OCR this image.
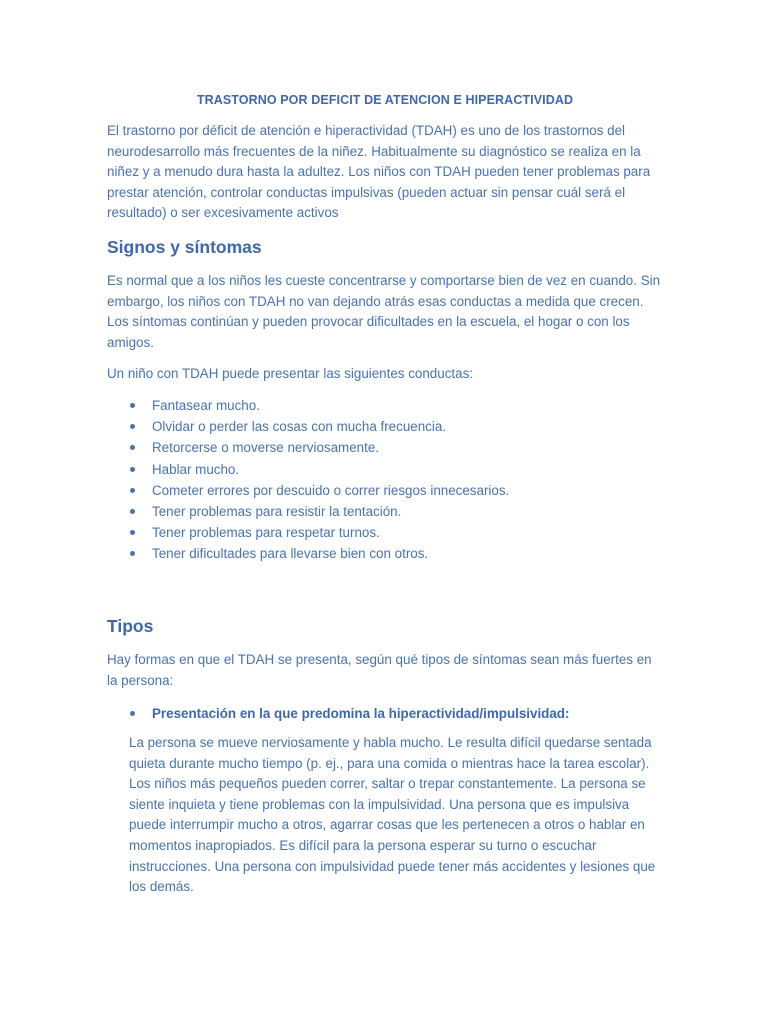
TRASTORNO POR DEFICIT DE ATENCION E HIPERACTIVIDAD

El trastorno por déficit de atención e hiperactividad (TDAH) es uno de los trastornos del neurodesarrollo más frecuentes de la niñez. Habitualmente su diagnóstico se realiza en la niñez y a menudo dura hasta la adultez. Los niños con TDAH pueden tener problemas para prestar atención, controlar conductas impulsivas (pueden actuar sin pensar cuál será el resultado) o ser excesivamente activos

Signos y síntomas

Es normal que a los niños les cueste concentrarse y comportarse bien de vez en cuando. Sin embargo, los niños con TDAH no van dejando atrás esas conductas a medida que crecen. Los síntomas continúan y pueden provocar dificultades en la escuela, el hogar o con los amigos.

Un niño con TDAH puede presentar las siguientes conductas:

Fantasear mucho.
Olvidar o perder las cosas con mucha frecuencia.
Retorcerse o moverse nerviosamente.
Hablar mucho.
Cometer errores por descuido o correr riesgos innecesarios.
Tener problemas para resistir la tentación.
Tener problemas para respetar turnos.
Tener dificultades para llevarse bien con otros.
Tipos

Hay formas en que el TDAH se presenta, según qué tipos de síntomas sean más fuertes en la persona:

Presentación en la que predomina la hiperactividad/impulsividad:

La persona se mueve nerviosamente y habla mucho. Le resulta difícil quedarse sentada quieta durante mucho tiempo (p. ej., para una comida o mientras hace la tarea escolar). Los niños más pequeños pueden correr, saltar o trepar constantemente. La persona se siente inquieta y tiene problemas con la impulsividad. Una persona que es impulsiva puede interrumpir mucho a otros, agarrar cosas que les pertenecen a otros o hablar en momentos inapropiados. Es difícil para la persona esperar su turno o escuchar instrucciones. Una persona con impulsividad puede tener más accidentes y lesiones que los demás.
